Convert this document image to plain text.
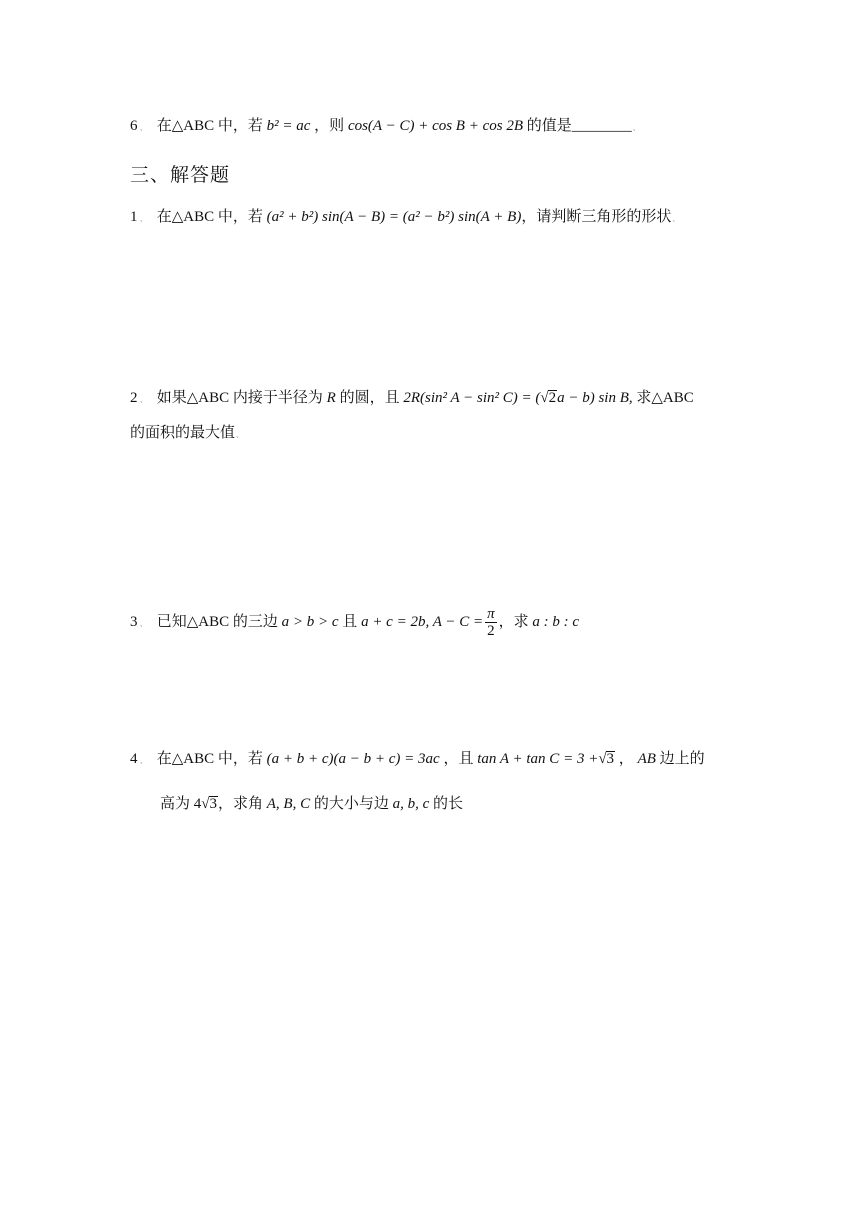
6 、 在△ABC 中，若 b² = ac ，则 cos(A − C) + cos B + cos 2B 的值是________、
三、解答题
1 、 在△ABC 中，若 (a² + b²) sin(A − B) = (a² − b²) sin(A + B)，请判断三角形的形状、
2 、 如果△ABC 内接于半径为 R 的圆，且 2R(sin² A − sin² C) = (√2a − b) sin B, 求△ABC
的面积的最大值、
3 、 已知△ABC 的三边 a > b > c 且 a + c = 2b, $A - C = \frac{\pi}{2}$ ，求 a : b : c
4 、 在△ABC 中，若 (a + b + c)(a − b + c) = 3ac ，且 tan A + tan C = 3 +√3 ， AB 边上的
高为 4√3，求角 A, B, C 的大小与边 a, b, c 的长
